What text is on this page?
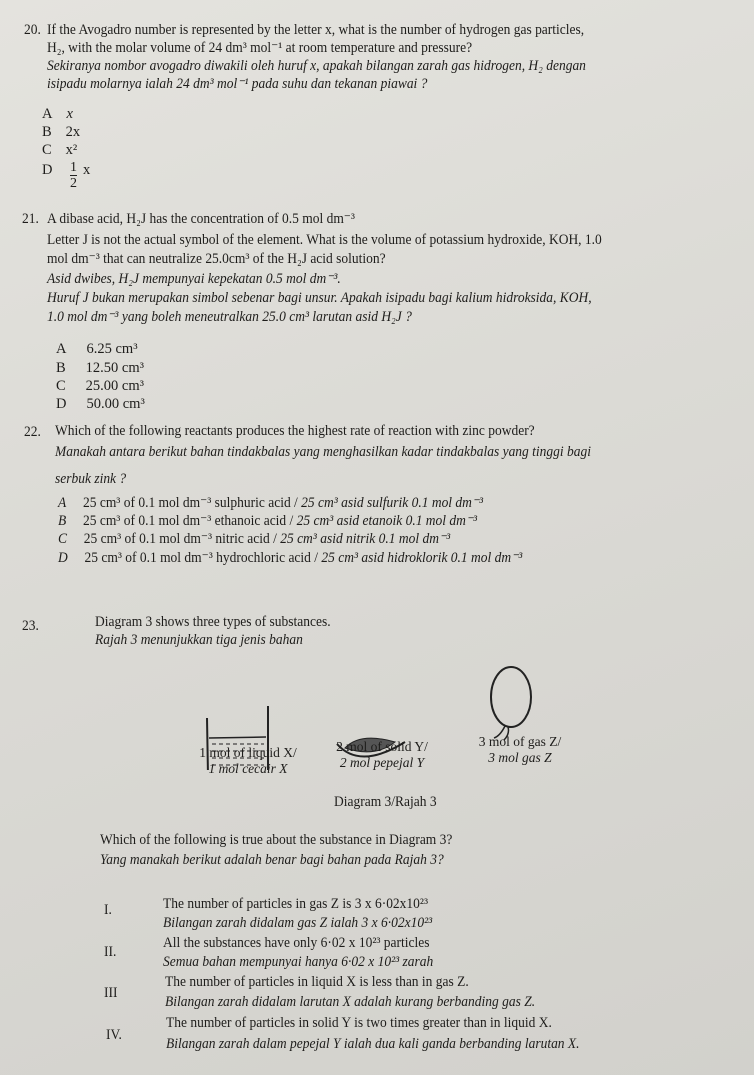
20. If the Avogadro number is represented by the letter x, what is the number of hydrogen gas particles,
H₂, with the molar volume of 24 dm³ mol⁻¹ at room temperature and pressure?
Sekiranya nombor avogadro diwakili oleh huruf x, apakah bilangan zarah gas hidrogen, H₂ dengan
isipadu molarnya ialah 24 dm³ mol⁻¹ pada suhu dan tekanan piawai ?
A x
B 2x
C x²
D $\frac{1}{2}$ x
21. A dibase acid, H₂J has the concentration of 0.5 mol dm⁻³
Letter J is not the actual symbol of the element. What is the volume of potassium hydroxide, KOH, 1.0
mol dm⁻³ that can neutralize 25.0cm³ of the H₂J acid solution?
Asid dwibes, H₂J mempunyai kepekatan 0.5 mol dm⁻³.
Huruf J bukan merupakan simbol sebenar bagi unsur. Apakah isipadu bagi kalium hidroksida, KOH,
1.0 mol dm⁻³ yang boleh meneutralkan 25.0 cm³ larutan asid H₂J ?
A 6.25 cm³
B 12.50 cm³
C 25.00 cm³
D 50.00 cm³
22. Which of the following reactants produces the highest rate of reaction with zinc powder?
Manakah antara berikut bahan tindakbalas yang menghasilkan kadar tindakbalas yang tinggi bagi
serbuk zink ?
A 25 cm³ of 0.1 mol dm⁻³ sulphuric acid / 25 cm³ asid sulfurik 0.1 mol dm⁻³
B 25 cm³ of 0.1 mol dm⁻³ ethanoic acid / 25 cm³ asid etanoik 0.1 mol dm⁻³
C 25 cm³ of 0.1 mol dm⁻³ nitric acid / 25 cm³ asid nitrik 0.1 mol dm⁻³
D 25 cm³ of 0.1 mol dm⁻³ hydrochloric acid / 25 cm³ asid hidroklorik 0.1 mol dm⁻³
23.	Diagram 3 shows three types of substances.
Rajah 3 menunjukkan tiga jenis bahan
1 mol of liquid X/
1 mol cecair X
2 mol of solid Y/
2 mol pepejal Y
3 mol of gas Z/
3 mol gas Z
Diagram 3/Rajah 3
Which of the following is true about the substance in Diagram 3?
Yang manakah berikut adalah benar bagi bahan pada Rajah 3?
I.	The number of particles in gas Z is 3 x 6·02x10²³
Bilangan zarah didalam gas Z ialah 3 x 6·02x10²³
II.
All the substances have only 6·02 x 10²³ particles
Semua bahan mempunyai hanya 6·02 x 10²³ zarah
III
The number of particles in liquid X is less than in gas Z.
Bilangan zarah didalam larutan X adalah kurang berbanding gas Z.
IV.
The number of particles in solid Y is two times greater than in liquid X.
Bilangan zarah dalam pepejal Y ialah dua kali ganda berbanding larutan X.
